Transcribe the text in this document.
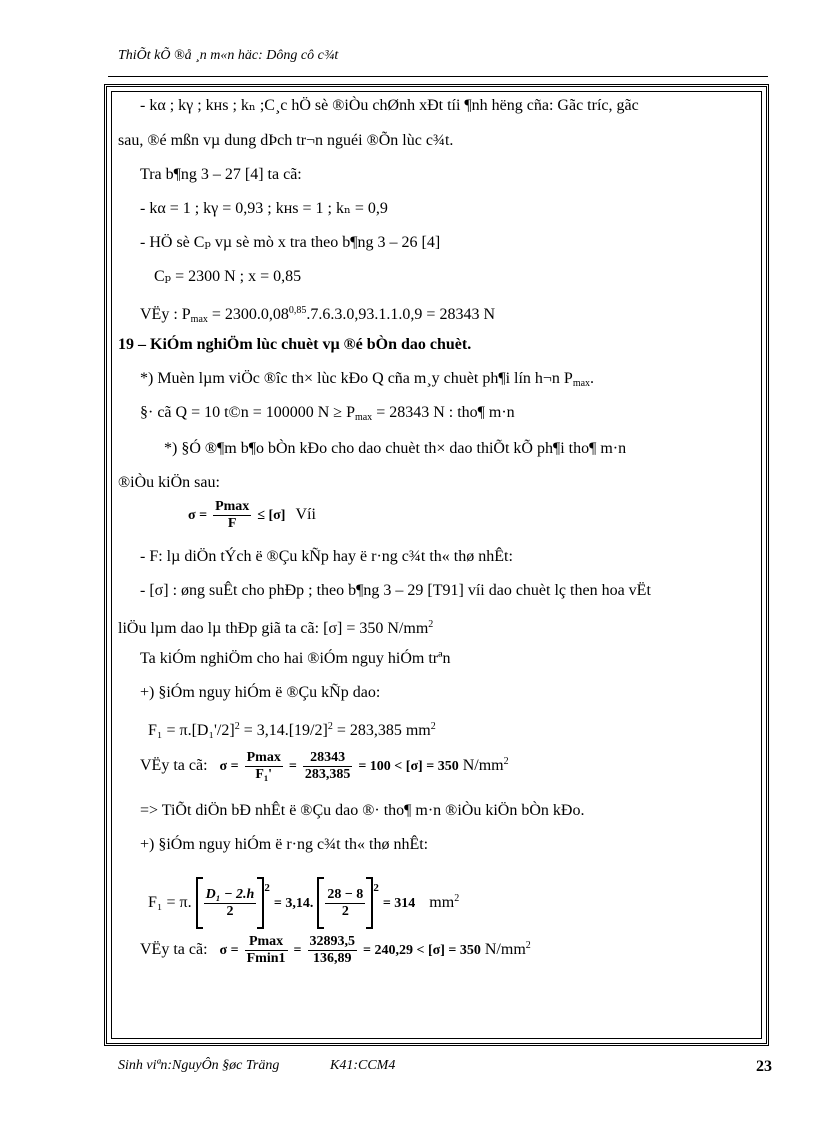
ThiÕt kÕ ®å ¸n m«n häc: Dông cô c¾t
- kα ; kγ ; kʜs ; kₙ ;C¸c hÖ sè ®iÒu chØnh xÐt tíi ¶nh hëng cña: Gãc tríc, gãc
sau, ®é mßn vµ dung dÞch tr¬n nguéi ®Õn lùc c¾t.
Tra b¶ng 3 – 27 [4] ta cã:
- kα = 1 ; kγ = 0,93 ; kʜs = 1 ; kₙ = 0,9
- HÖ sè Cₚ vµ sè mò x tra theo b¶ng 3 – 26 [4]
Cₚ = 2300 N ; x = 0,85
VËy : $P_{max} = 2300.0,08^{0,85}.7.6.3.0,93.1.1.0,9 = 28343$ N
19 – KiÓm nghiÖm lùc chuèt vµ ®é bÒn dao chuèt.
*) Muèn lµm viÖc ®îc th× lùc kÐo Q cña m¸y chuèt ph¶i lín h¬n $P_{max}$.
§· cã Q = 10 t©n = 100000 $N \ge P_{max} = 28343$ N : tho¶ m·n
*) §Ó ®¶m b¶o bÒn kÐo cho dao chuèt th× dao thiÕt kÕ ph¶i tho¶ m·n
®iÒu kiÖn sau:
$\sigma = \frac{Pmax}{F} \le [\sigma]$ Víi
- F: lµ diÖn tÝch ë ®Çu kÑp hay ë r·ng c¾t th« thø nhÊt:
- [σ] : øng suÊt cho phÐp ; theo b¶ng 3 – 29 [T91] víi dao chuèt lç then hoa vËt
liÖu lµm dao lµ thÐp giã ta cã: [σ] = 350 $N/mm^2$
Ta kiÓm nghiÖm cho hai ®iÓm nguy hiÓm trªn
+) §iÓm nguy hiÓm ë ®Çu kÑp dao:
$F_1 = \pi.[D_1'/2]^2 = 3,14.[19/2]^2 = 283,385$ $mm^2$
VËy ta cã: $\sigma = \frac{Pmax}{\text{F₁'}} = \frac{28343}{283,385} = 100 < [\sigma] = 350$ $N/mm^2$
=> TiÕt diÖn bÐ nhÊt ë ®Çu dao ®· tho¶ m·n ®iÒu kiÖn bÒn kÐo.
+) §iÓm nguy hiÓm ë r·ng c¾t th« thø nhÊt:
F₁ = π. $\frac{\text{D₁ − 2.h}}{2} ^2 = 3,14$. $\frac{28 - 8}{2} ^2 = 314$ $mm^2$
VËy ta cã: $\sigma = \frac{Pmax}{Fmin1} = \frac{32893,5}{136,89} = 240,29 < [\sigma] = 350$ $N/mm^2$
Sinh viªn:NguyÔn §øc Träng	K41:CCM4	23
